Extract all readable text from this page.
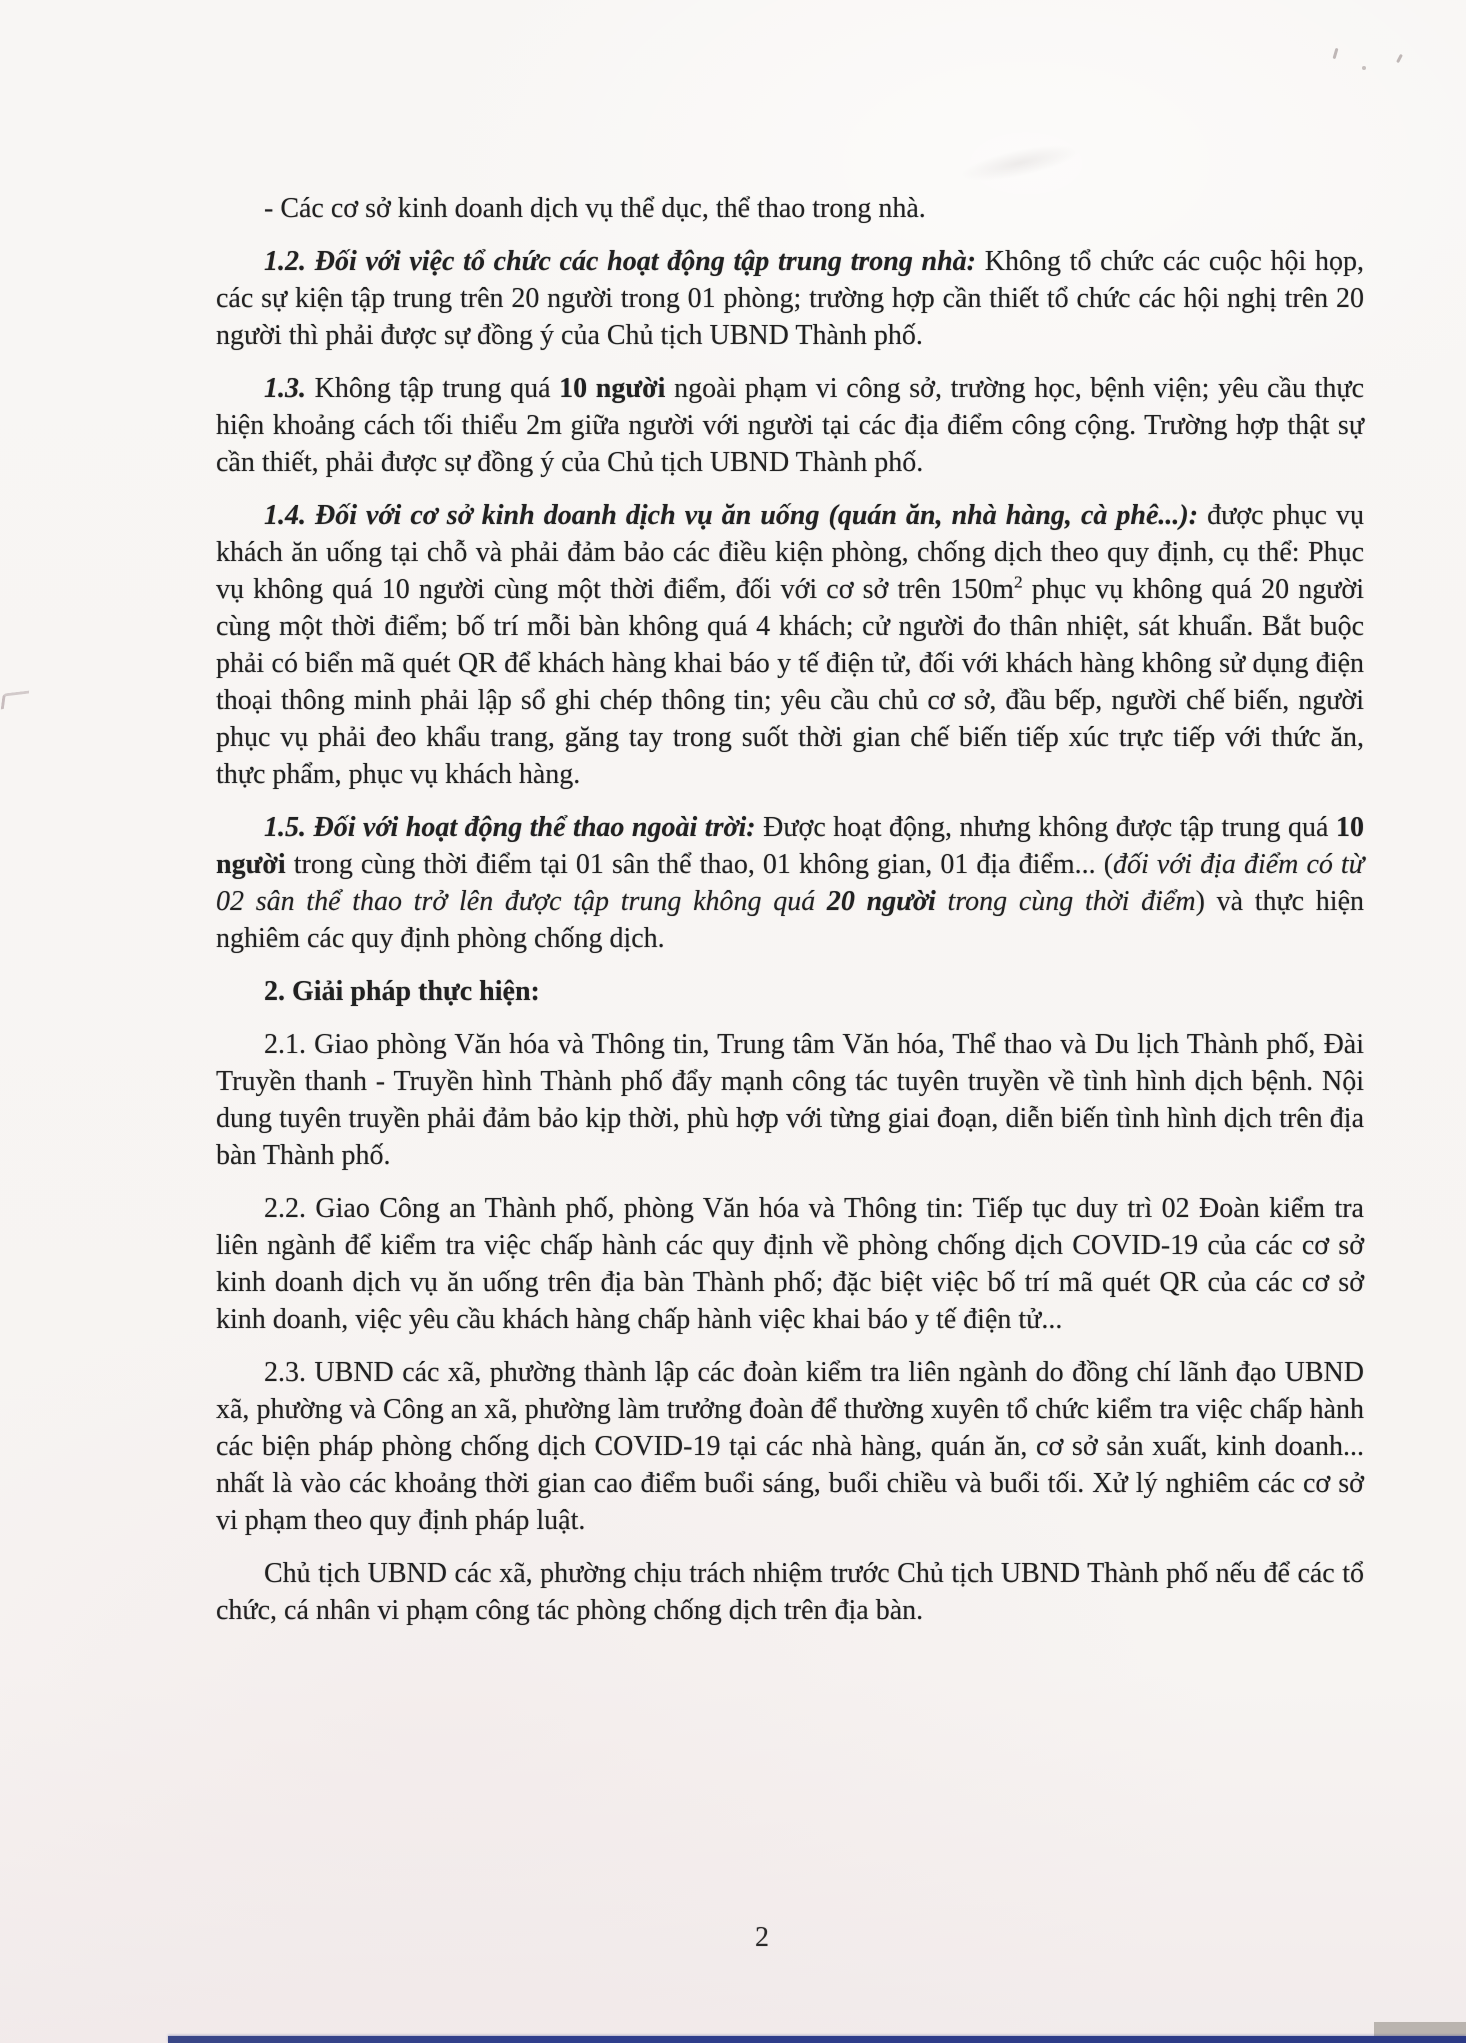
- Các cơ sở kinh doanh dịch vụ thể dục, thể thao trong nhà.

1.2. Đối với việc tổ chức các hoạt động tập trung trong nhà: Không tổ chức các cuộc hội họp, các sự kiện tập trung trên 20 người trong 01 phòng; trường hợp cần thiết tổ chức các hội nghị trên 20 người thì phải được sự đồng ý của Chủ tịch UBND Thành phố.

1.3. Không tập trung quá 10 người ngoài phạm vi công sở, trường học, bệnh viện; yêu cầu thực hiện khoảng cách tối thiểu 2m giữa người với người tại các địa điểm công cộng. Trường hợp thật sự cần thiết, phải được sự đồng ý của Chủ tịch UBND Thành phố.

1.4. Đối với cơ sở kinh doanh dịch vụ ăn uống (quán ăn, nhà hàng, cà phê...): được phục vụ khách ăn uống tại chỗ và phải đảm bảo các điều kiện phòng, chống dịch theo quy định, cụ thể: Phục vụ không quá 10 người cùng một thời điểm, đối với cơ sở trên $150m^2$ phục vụ không quá 20 người cùng một thời điểm; bố trí mỗi bàn không quá 4 khách; cử người đo thân nhiệt, sát khuẩn. Bắt buộc phải có biển mã quét QR để khách hàng khai báo y tế điện tử, đối với khách hàng không sử dụng điện thoại thông minh phải lập sổ ghi chép thông tin; yêu cầu chủ cơ sở, đầu bếp, người chế biến, người phục vụ phải đeo khẩu trang, găng tay trong suốt thời gian chế biến tiếp xúc trực tiếp với thức ăn, thực phẩm, phục vụ khách hàng.

1.5. Đối với hoạt động thể thao ngoài trời: Được hoạt động, nhưng không được tập trung quá 10 người trong cùng thời điểm tại 01 sân thể thao, 01 không gian, 01 địa điểm... (đối với địa điểm có từ 02 sân thể thao trở lên được tập trung không quá 20 người trong cùng thời điểm) và thực hiện nghiêm các quy định phòng chống dịch.

2. Giải pháp thực hiện:

2.1. Giao phòng Văn hóa và Thông tin, Trung tâm Văn hóa, Thể thao và Du lịch Thành phố, Đài Truyền thanh - Truyền hình Thành phố đẩy mạnh công tác tuyên truyền về tình hình dịch bệnh. Nội dung tuyên truyền phải đảm bảo kịp thời, phù hợp với từng giai đoạn, diễn biến tình hình dịch trên địa bàn Thành phố.

2.2. Giao Công an Thành phố, phòng Văn hóa và Thông tin: Tiếp tục duy trì 02 Đoàn kiểm tra liên ngành để kiểm tra việc chấp hành các quy định về phòng chống dịch COVID-19 của các cơ sở kinh doanh dịch vụ ăn uống trên địa bàn Thành phố; đặc biệt việc bố trí mã quét QR của các cơ sở kinh doanh, việc yêu cầu khách hàng chấp hành việc khai báo y tế điện tử...

2.3. UBND các xã, phường thành lập các đoàn kiểm tra liên ngành do đồng chí lãnh đạo UBND xã, phường và Công an xã, phường làm trưởng đoàn để thường xuyên tổ chức kiểm tra việc chấp hành các biện pháp phòng chống dịch COVID-19 tại các nhà hàng, quán ăn, cơ sở sản xuất, kinh doanh... nhất là vào các khoảng thời gian cao điểm buổi sáng, buổi chiều và buổi tối. Xử lý nghiêm các cơ sở vi phạm theo quy định pháp luật.

Chủ tịch UBND các xã, phường chịu trách nhiệm trước Chủ tịch UBND Thành phố nếu để các tổ chức, cá nhân vi phạm công tác phòng chống dịch trên địa bàn.

2
